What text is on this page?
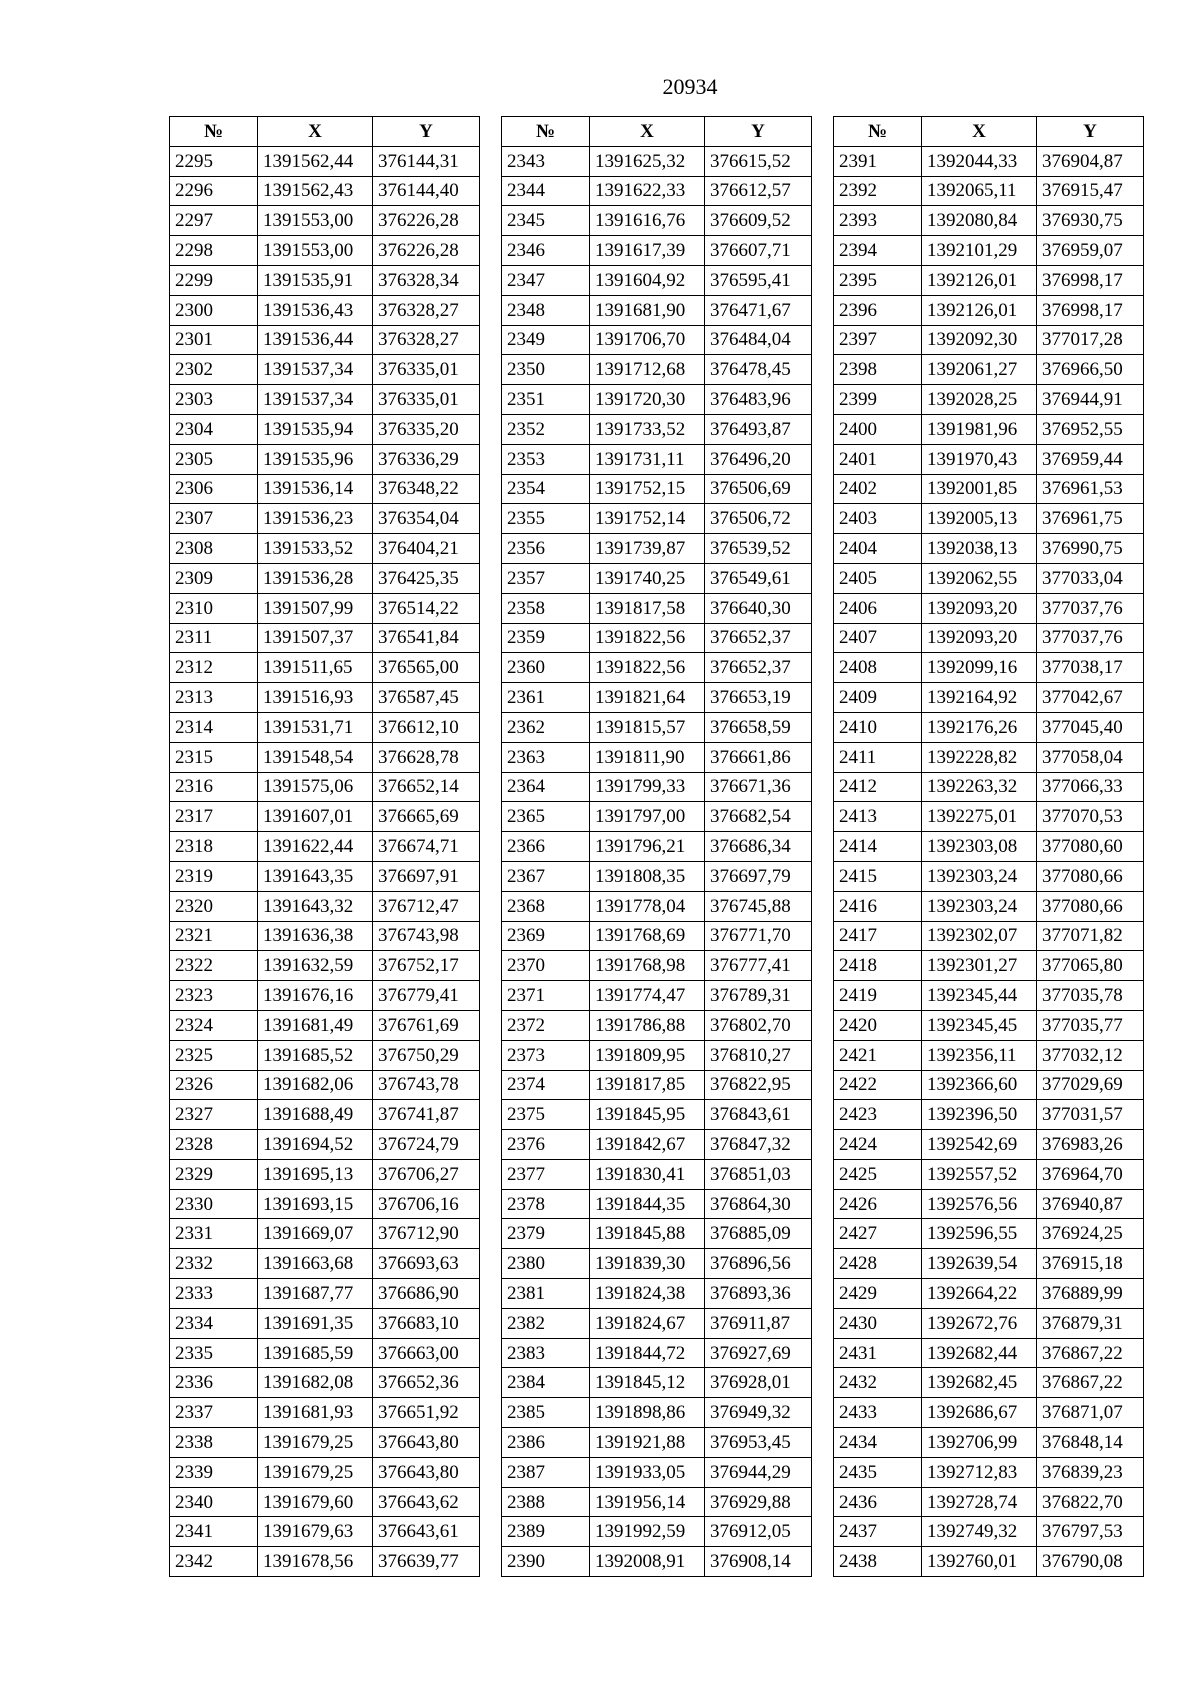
20934
№	X	Y
2295	1391562,44	376144,31
2296	1391562,43	376144,40
2297	1391553,00	376226,28
2298	1391553,00	376226,28
2299	1391535,91	376328,34
2300	1391536,43	376328,27
2301	1391536,44	376328,27
2302	1391537,34	376335,01
2303	1391537,34	376335,01
2304	1391535,94	376335,20
2305	1391535,96	376336,29
2306	1391536,14	376348,22
2307	1391536,23	376354,04
2308	1391533,52	376404,21
2309	1391536,28	376425,35
2310	1391507,99	376514,22
2311	1391507,37	376541,84
2312	1391511,65	376565,00
2313	1391516,93	376587,45
2314	1391531,71	376612,10
2315	1391548,54	376628,78
2316	1391575,06	376652,14
2317	1391607,01	376665,69
2318	1391622,44	376674,71
2319	1391643,35	376697,91
2320	1391643,32	376712,47
2321	1391636,38	376743,98
2322	1391632,59	376752,17
2323	1391676,16	376779,41
2324	1391681,49	376761,69
2325	1391685,52	376750,29
2326	1391682,06	376743,78
2327	1391688,49	376741,87
2328	1391694,52	376724,79
2329	1391695,13	376706,27
2330	1391693,15	376706,16
2331	1391669,07	376712,90
2332	1391663,68	376693,63
2333	1391687,77	376686,90
2334	1391691,35	376683,10
2335	1391685,59	376663,00
2336	1391682,08	376652,36
2337	1391681,93	376651,92
2338	1391679,25	376643,80
2339	1391679,25	376643,80
2340	1391679,60	376643,62
2341	1391679,63	376643,61
2342	1391678,56	376639,77
№	X	Y
2343	1391625,32	376615,52
2344	1391622,33	376612,57
2345	1391616,76	376609,52
2346	1391617,39	376607,71
2347	1391604,92	376595,41
2348	1391681,90	376471,67
2349	1391706,70	376484,04
2350	1391712,68	376478,45
2351	1391720,30	376483,96
2352	1391733,52	376493,87
2353	1391731,11	376496,20
2354	1391752,15	376506,69
2355	1391752,14	376506,72
2356	1391739,87	376539,52
2357	1391740,25	376549,61
2358	1391817,58	376640,30
2359	1391822,56	376652,37
2360	1391822,56	376652,37
2361	1391821,64	376653,19
2362	1391815,57	376658,59
2363	1391811,90	376661,86
2364	1391799,33	376671,36
2365	1391797,00	376682,54
2366	1391796,21	376686,34
2367	1391808,35	376697,79
2368	1391778,04	376745,88
2369	1391768,69	376771,70
2370	1391768,98	376777,41
2371	1391774,47	376789,31
2372	1391786,88	376802,70
2373	1391809,95	376810,27
2374	1391817,85	376822,95
2375	1391845,95	376843,61
2376	1391842,67	376847,32
2377	1391830,41	376851,03
2378	1391844,35	376864,30
2379	1391845,88	376885,09
2380	1391839,30	376896,56
2381	1391824,38	376893,36
2382	1391824,67	376911,87
2383	1391844,72	376927,69
2384	1391845,12	376928,01
2385	1391898,86	376949,32
2386	1391921,88	376953,45
2387	1391933,05	376944,29
2388	1391956,14	376929,88
2389	1391992,59	376912,05
2390	1392008,91	376908,14
№	X	Y
2391	1392044,33	376904,87
2392	1392065,11	376915,47
2393	1392080,84	376930,75
2394	1392101,29	376959,07
2395	1392126,01	376998,17
2396	1392126,01	376998,17
2397	1392092,30	377017,28
2398	1392061,27	376966,50
2399	1392028,25	376944,91
2400	1391981,96	376952,55
2401	1391970,43	376959,44
2402	1392001,85	376961,53
2403	1392005,13	376961,75
2404	1392038,13	376990,75
2405	1392062,55	377033,04
2406	1392093,20	377037,76
2407	1392093,20	377037,76
2408	1392099,16	377038,17
2409	1392164,92	377042,67
2410	1392176,26	377045,40
2411	1392228,82	377058,04
2412	1392263,32	377066,33
2413	1392275,01	377070,53
2414	1392303,08	377080,60
2415	1392303,24	377080,66
2416	1392303,24	377080,66
2417	1392302,07	377071,82
2418	1392301,27	377065,80
2419	1392345,44	377035,78
2420	1392345,45	377035,77
2421	1392356,11	377032,12
2422	1392366,60	377029,69
2423	1392396,50	377031,57
2424	1392542,69	376983,26
2425	1392557,52	376964,70
2426	1392576,56	376940,87
2427	1392596,55	376924,25
2428	1392639,54	376915,18
2429	1392664,22	376889,99
2430	1392672,76	376879,31
2431	1392682,44	376867,22
2432	1392682,45	376867,22
2433	1392686,67	376871,07
2434	1392706,99	376848,14
2435	1392712,83	376839,23
2436	1392728,74	376822,70
2437	1392749,32	376797,53
2438	1392760,01	376790,08
